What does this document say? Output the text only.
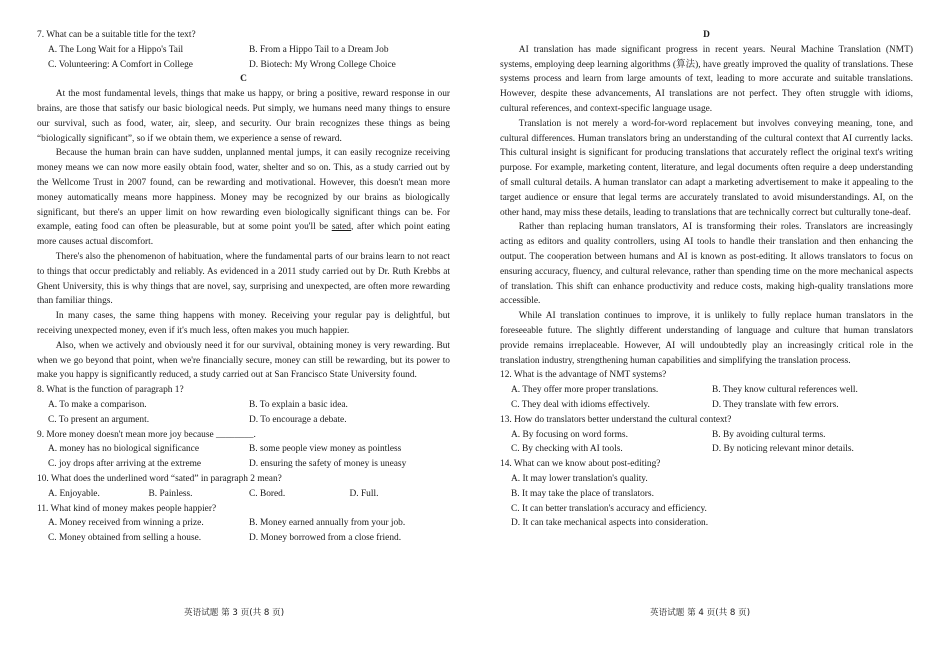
7. What can be a suitable title for the text?

A. The Long Wait for a Hippo's Tail	B. From a Hippo Tail to a Dream Job
C. Volunteering: A Comfort in College	D. Biotech: My Wrong College Choice

C

At the most fundamental levels, things that make us happy, or bring a positive, reward response in our brains, are those that satisfy our basic biological needs. Put simply, we humans need many things to ensure our survival, such as food, water, air, sleep, and security. Our brain recognizes these things as being “biologically significant”, so if we obtain them, we experience a sense of reward.

Because the human brain can have sudden, unplanned mental jumps, it can easily recognize receiving money means we can now more easily obtain food, water, shelter and so on. This, as a study carried out by the Wellcome Trust in 2007 found, can be rewarding and motivational. However, this doesn't mean more money automatically means more happiness. Money may be recognized by our brains as biologically significant, but there's an upper limit on how rewarding even biologically significant things can be. For example, eating food can often be pleasurable, but at some point you'll be sated, after which point eating more causes actual discomfort.

There's also the phenomenon of habituation, where the fundamental parts of our brains learn to not react to things that occur predictably and reliably. As evidenced in a 2011 study carried out by Dr. Ruth Krebbs at Ghent University, this is why things that are novel, say, surprising and unexpected, are often more rewarding than familiar things.

In many cases, the same thing happens with money. Receiving your regular pay is delightful, but receiving unexpected money, even if it's much less, often makes you much happier.

Also, when we actively and obviously need it for our survival, obtaining money is very rewarding. But when we go beyond that point, when we're financially secure, money can still be rewarding, but its power to make you happy is significantly reduced, a study carried out at San Francisco State University found.

8. What is the function of paragraph 1?

A. To make a comparison.	B. To explain a basic idea.
C. To present an argument.	D. To encourage a debate.

9. More money doesn't mean more joy because ________.

A. money has no biological significance	B. some people view money as pointless
C. joy drops after arriving at the extreme	D. ensuring the safety of money is uneasy

10. What does the underlined word “sated” in paragraph 2 mean?

A. Enjoyable.	B. Painless.	C. Bored.	D. Full.

11. What kind of money makes people happier?

A. Money received from winning a prize.	B. Money earned annually from your job.
C. Money obtained from selling a house.	D. Money borrowed from a close friend.

D

AI translation has made significant progress in recent years. Neural Machine Translation (NMT) systems, employing deep learning algorithms (算法), have greatly improved the quality of translations. These systems process and learn from large amounts of text, leading to more accurate and suitable translations. However, despite these advancements, AI translations are not perfect. They often struggle with idioms, cultural references, and context-specific language usage.

Translation is not merely a word-for-word replacement but involves conveying meaning, tone, and cultural differences. Human translators bring an understanding of the cultural context that AI currently lacks. This cultural insight is significant for producing translations that accurately reflect the original text's writing purpose. For example, marketing content, literature, and legal documents often require a deep understanding of small cultural details. A human translator can adapt a marketing advertisement to make it appealing to the target audience or ensure that legal terms are accurately translated to avoid misunderstandings. AI, on the other hand, may miss these details, leading to translations that are technically correct but culturally tone-deaf.

Rather than replacing human translators, AI is transforming their roles. Translators are increasingly acting as editors and quality controllers, using AI tools to handle their translation and then enhancing the output. The cooperation between humans and AI is known as post-editing. It allows translators to focus on ensuring accuracy, fluency, and cultural relevance, rather than spending time on the more mechanical aspects of translation. This shift can enhance productivity and reduce costs, making high-quality translations more accessible.

While AI translation continues to improve, it is unlikely to fully replace human translators in the foreseeable future. The slightly different understanding of language and culture that human translators provide remains irreplaceable. However, AI will undoubtedly play an increasingly critical role in the translation industry, strengthening human capabilities and simplifying the translation process.

12. What is the advantage of NMT systems?

A. They offer more proper translations.	B. They know cultural references well.
C. They deal with idioms effectively.	D. They translate with few errors.

13. How do translators better understand the cultural context?

A. By focusing on word forms.	B. By avoiding cultural terms.
C. By checking with AI tools.	D. By noticing relevant minor details.

14. What can we know about post-editing?

A. It may lower translation's quality.
B. It may take the place of translators.
C. It can better translation's accuracy and efficiency.
D. It can take mechanical aspects into consideration.
英语试题 第 3 页(共 8 页)	英语试题 第 4 页(共 8 页)
